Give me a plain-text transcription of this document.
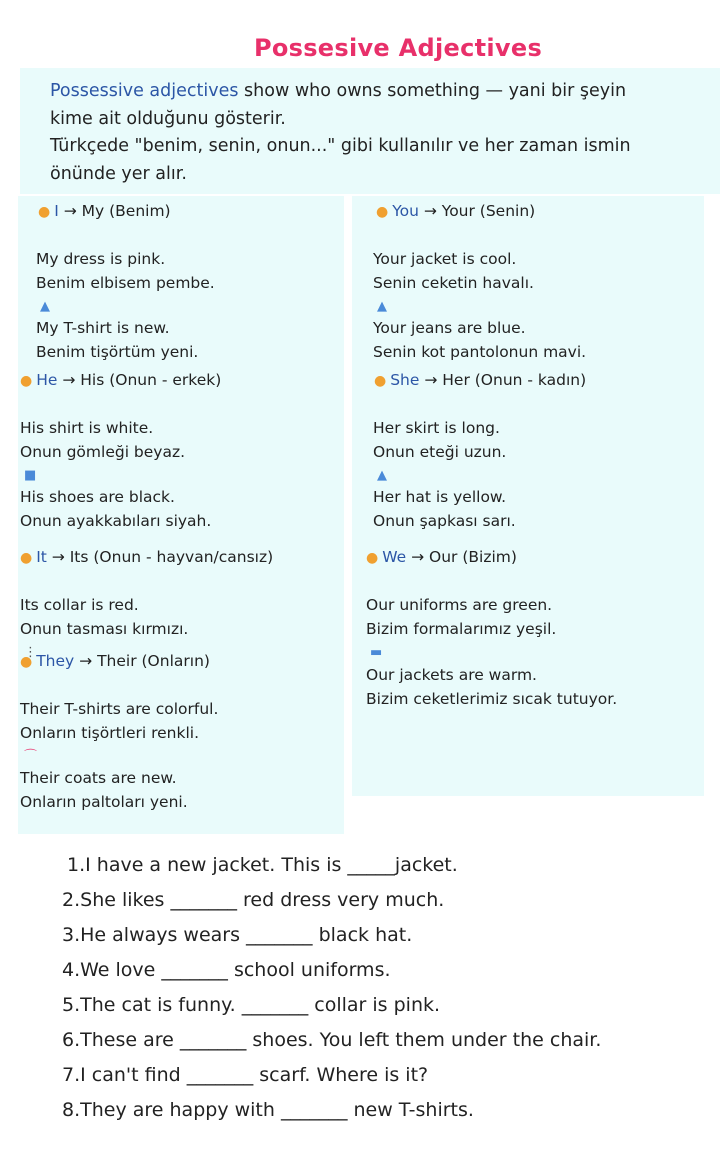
Possesive Adjectives
Possessive adjectives show who owns something — yani bir şeyin
kime ait olduğunu gösterir.
Türkçede "benim, senin, onun..." gibi kullanılır ve her zaman ismin
önünde yer alır.
● I → My (Benim)
My dress is pink.
Benim elbisem pembe.
▲
My T-shirt is new.
Benim tişörtüm yeni.
● You → Your (Senin)
Your jacket is cool.
Senin ceketin havalı.
▲
Your jeans are blue.
Senin kot pantolonun mavi.
● He → His (Onun - erkek)
His shirt is white.
Onun gömleği beyaz.
■
His shoes are black.
Onun ayakkabıları siyah.
● She → Her (Onun - kadın)
Her skirt is long.
Onun eteği uzun.
▲
Her hat is yellow.
Onun şapkası sarı.
● It → Its (Onun - hayvan/cansız)
Its collar is red.
Onun tasması kırmızı.
⋮
● We → Our (Bizim)
Our uniforms are green.
Bizim formalarımız yeşil.
▬
Our jackets are warm.
Bizim ceketlerimiz sıcak tutuyor.
● They → Their (Onların)
Their T-shirts are colorful.
Onların tişörtleri renkli.
⌒
Their coats are new.
Onların paltoları yeni.
1.I have a new jacket. This is _____jacket.
2.She likes _______ red dress very much.
3.He always wears _______ black hat.
4.We love _______ school uniforms.
5.The cat is funny. _______ collar is pink.
6.These are _______ shoes. You left them under the chair.
7.I can't find _______ scarf. Where is it?
8.They are happy with _______ new T-shirts.
